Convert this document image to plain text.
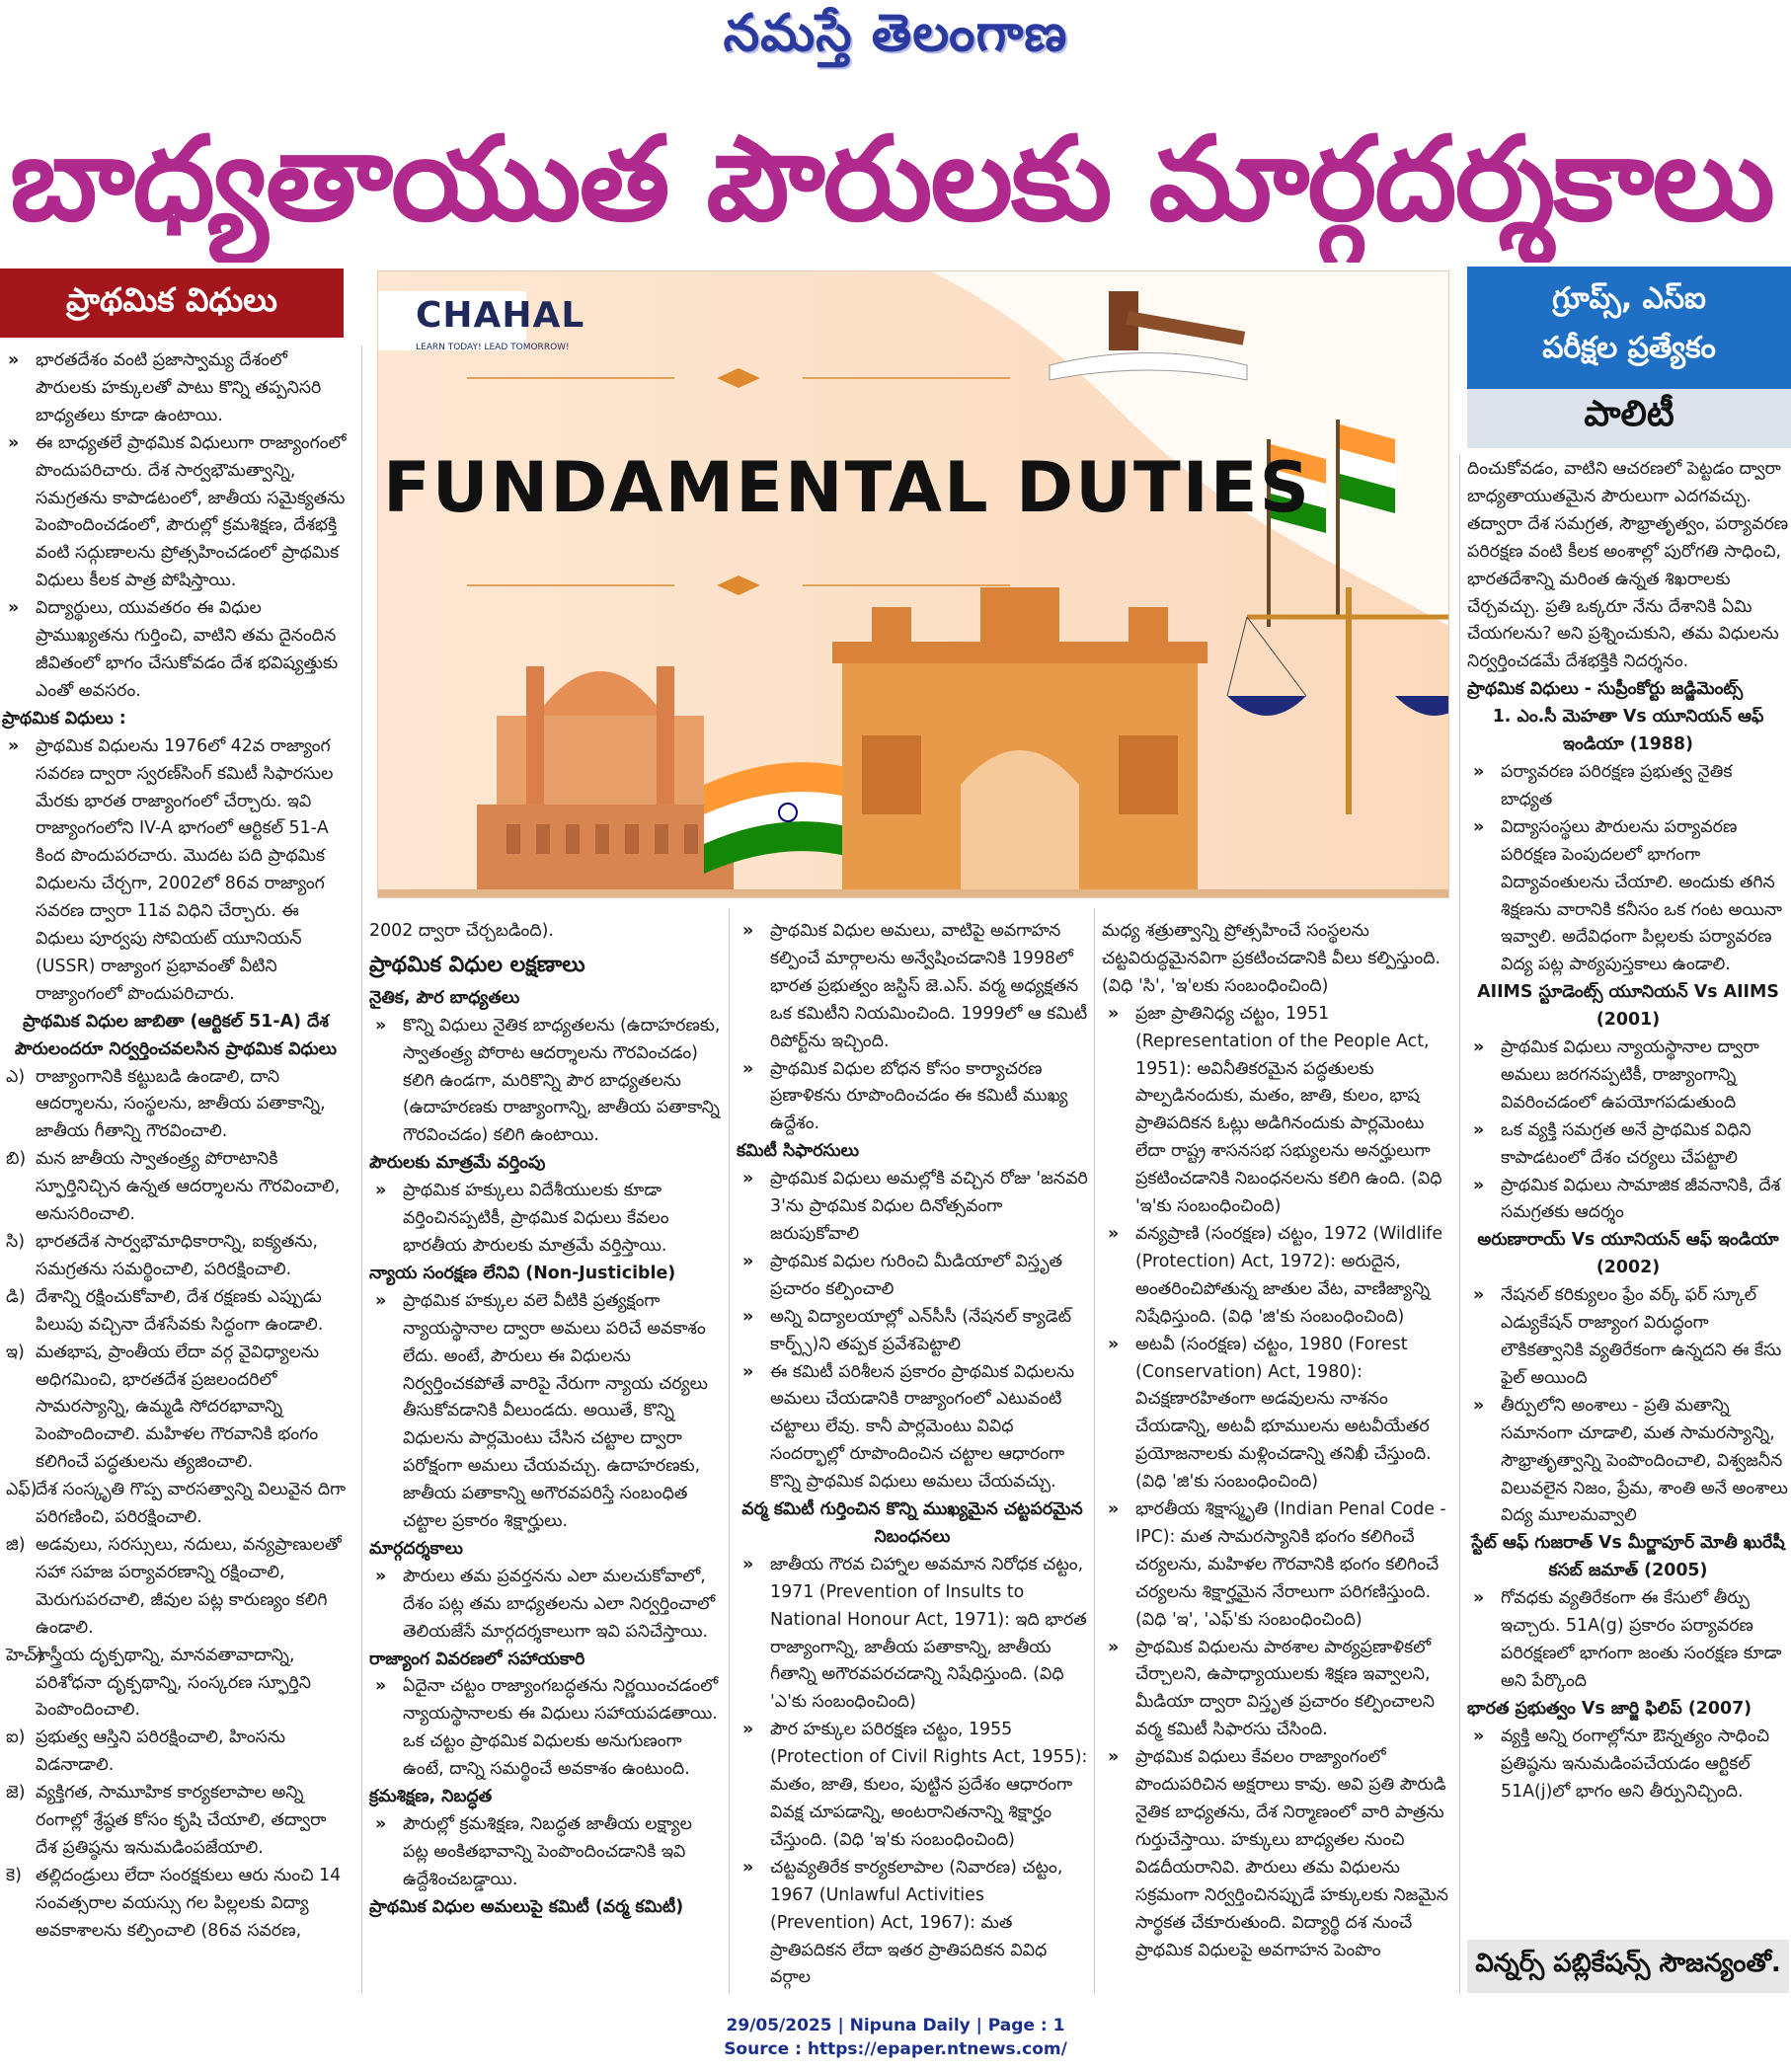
నమస్తే తెలంగాణ
బాధ్యతాయుత పౌరులకు మార్గదర్శకాలు
ప్రాథమిక విధులు	గ్రూప్స్, ఎస్ఐ
పరీక్షల ప్రత్యేకం
పాలిటీ
CHAHAL
LEARN TODAY! LEAD TOMORROW!
FUNDAMENTAL DUTIES

» భారతదేశం వంటి ప్రజాస్వామ్య దేశంలో పౌరులకు హక్కులతో పాటు కొన్ని తప్పనిసరి బాధ్యతలు కూడా ఉంటాయి.

» ఈ బాధ్యతలే ప్రాథమిక విధులుగా రాజ్యాంగంలో పొందుపరిచారు. దేశ సార్వభౌమత్వాన్ని, సమగ్రతను కాపాడటంలో, జాతీయ సమైక్యతను పెంపొందించడంలో, పౌరుల్లో క్రమశిక్షణ, దేశభక్తి వంటి సద్గుణాలను ప్రోత్సహించడంలో ప్రాథమిక విధులు కీలక పాత్ర పోషిస్తాయి.

» విద్యార్థులు, యువతరం ఈ విధుల ప్రాముఖ్యతను గుర్తించి, వాటిని తమ దైనందిన జీవితంలో భాగం చేసుకోవడం దేశ భవిష్యత్తుకు ఎంతో అవసరం.

ప్రాథమిక విధులు :

» ప్రాథమిక విధులను 1976లో 42వ రాజ్యాంగ సవరణ ద్వారా స్వరణ్‌సింగ్ కమిటీ సిఫారసుల మేరకు భారత రాజ్యాంగంలో చేర్చారు. ఇవి రాజ్యాంగంలోని IV-A భాగంలో ఆర్టికల్ 51-A కింద పొందుపరచారు. మొదట పది ప్రాథమిక విధులను చేర్చగా, 2002లో 86వ రాజ్యాంగ సవరణ ద్వారా 11వ విధిని చేర్చారు. ఈ విధులు పూర్వపు సోవియట్ యూనియన్ (USSR) రాజ్యాంగ ప్రభావంతో వీటిని రాజ్యాంగంలో పొందుపరిచారు.

ప్రాథమిక విధుల జాబితా (ఆర్టికల్ 51-A) దేశ పౌరులందరూ నిర్వర్తించవలసిన ప్రాథమిక విధులు

ఎ) రాజ్యాంగానికి కట్టుబడి ఉండాలి, దాని ఆదర్శాలను, సంస్థలను, జాతీయ పతాకాన్ని, జాతీయ గీతాన్ని గౌరవించాలి.

బి) మన జాతీయ స్వాతంత్ర్య పోరాటానికి స్ఫూర్తినిచ్చిన ఉన్నత ఆదర్శాలను గౌరవించాలి, అనుసరించాలి.

సి) భారతదేశ సార్వభౌమాధికారాన్ని, ఐక్యతను, సమగ్రతను సమర్థించాలి, పరిరక్షించాలి.

డి) దేశాన్ని రక్షించుకోవాలి, దేశ రక్షణకు ఎప్పుడు పిలుపు వచ్చినా దేశసేవకు సిద్ధంగా ఉండాలి.

ఇ) మతభాష, ప్రాంతీయ లేదా వర్గ వైవిధ్యాలను అధిగమించి, భారతదేశ ప్రజలందరిలో సామరస్యాన్ని, ఉమ్మడి సోదరభావాన్ని పెంపొందించాలి. మహిళల గౌరవానికి భంగం కలిగించే పద్ధతులను త్యజించాలి.

ఎఫ్)
దేశ సంస్కృతి గొప్ప వారసత్వాన్ని విలువైన దిగా పరిగణించి, పరిరక్షించాలి.

జి) అడవులు, సరస్సులు, నదులు, వన్యప్రాణులతో సహా సహజ పర్యావరణాన్ని రక్షించాలి, మెరుగుపరచాలి, జీవుల పట్ల కారుణ్యం కలిగి ఉండాలి.

హెచ్)
శాస్త్రీయ దృక్పథాన్ని, మానవతావాదాన్ని, పరిశోధనా దృక్పథాన్ని, సంస్కరణ స్ఫూర్తిని పెంపొందించాలి.

ఐ) ప్రభుత్వ ఆస్తిని పరిరక్షించాలి, హింసను విడనాడాలి.

జె) వ్యక్తిగత, సామూహిక కార్యకలాపాల అన్ని రంగాల్లో శ్రేష్ఠత కోసం కృషి చేయాలి, తద్వారా దేశ ప్రతిష్ఠను ఇనుమడింపజేయాలి.

కె) తల్లిదండ్రులు లేదా సంరక్షకులు ఆరు నుంచి 14 సంవత్సరాల వయస్సు గల పిల్లలకు విద్యా అవకాశాలను కల్పించాలి (86వ సవరణ,

2002 ద్వారా చేర్చబడింది).

ప్రాథమిక విధుల లక్షణాలు

నైతిక, పౌర బాధ్యతలు

» కొన్ని విధులు నైతిక బాధ్యతలను (ఉదాహరణకు, స్వాతంత్ర్య పోరాట ఆదర్శాలను గౌరవించడం) కలిగి ఉండగా, మరికొన్ని పౌర బాధ్యతలను (ఉదాహరణకు రాజ్యాంగాన్ని, జాతీయ పతాకాన్ని గౌరవించడం) కలిగి ఉంటాయి.

పౌరులకు మాత్రమే వర్తింపు

» ప్రాథమిక హక్కులు విదేశీయులకు కూడా వర్తించినప్పటికీ, ప్రాథమిక విధులు కేవలం భారతీయ పౌరులకు మాత్రమే వర్తిస్తాయి.

న్యాయ సంరక్షణ లేనివి (Non-Justicible)

» ప్రాథమిక హక్కుల వలె వీటికి ప్రత్యక్షంగా న్యాయస్థానాల ద్వారా అమలు పరిచే అవకాశం లేదు. అంటే, పౌరులు ఈ విధులను నిర్వర్తించకపోతే వారిపై నేరుగా న్యాయ చర్యలు తీసుకోవడానికి వీలుండదు. అయితే, కొన్ని విధులను పార్లమెంటు చేసిన చట్టాల ద్వారా పరోక్షంగా అమలు చేయవచ్చు. ఉదాహరణకు, జాతీయ పతాకాన్ని అగౌరవపరిస్తే సంబంధిత చట్టాల ప్రకారం శిక్షార్హులు.

మార్గదర్శకాలు

» పౌరులు తమ ప్రవర్తనను ఎలా మలచుకోవాలో, దేశం పట్ల తమ బాధ్యతలను ఎలా నిర్వర్తించాలో తెలియజేసే మార్గదర్శకాలుగా ఇవి పనిచేస్తాయి.

రాజ్యాంగ వివరణలో సహాయకారి

» ఏదైనా చట్టం రాజ్యాంగబద్ధతను నిర్ణయించడంలో న్యాయస్థానాలకు ఈ విధులు సహాయపడతాయి. ఒక చట్టం ప్రాథమిక విధులకు అనుగుణంగా ఉంటే, దాన్ని సమర్థించే అవకాశం ఉంటుంది.

క్రమశిక్షణ, నిబద్ధత

» పౌరుల్లో క్రమశిక్షణ, నిబద్ధత జాతీయ లక్ష్యాల పట్ల అంకితభావాన్ని పెంపొందించడానికి ఇవి ఉద్దేశించబడ్డాయి.

ప్రాథమిక విధుల అమలుపై కమిటీ (వర్మ కమిటీ)

» ప్రాథమిక విధుల అమలు, వాటిపై అవగాహన కల్పించే మార్గాలను అన్వేషించడానికి 1998లో భారత ప్రభుత్వం జస్టిస్ జె.ఎస్. వర్మ అధ్యక్షతన ఒక కమిటీని నియమించింది. 1999లో ఆ కమిటీ రిపోర్ట్‌ను ఇచ్చింది.

» ప్రాథమిక విధుల బోధన కోసం కార్యాచరణ ప్రణాళికను రూపొందించడం ఈ కమిటీ ముఖ్య ఉద్దేశం.

కమిటీ సిఫారసులు

» ప్రాథమిక విధులు అమల్లోకి వచ్చిన రోజు 'జనవరి 3'ను ప్రాథమిక విధుల దినోత్సవంగా జరుపుకోవాలి

» ప్రాథమిక విధుల గురించి మీడియాలో విస్తృత ప్రచారం కల్పించాలి

» అన్ని విద్యాలయాల్లో ఎన్‌సీసీ (నేషనల్ క్యాడెట్ కార్ప్స్)ని తప్పక ప్రవేశపెట్టాలి

» ఈ కమిటీ పరిశీలన ప్రకారం ప్రాథమిక విధులను అమలు చేయడానికి రాజ్యాంగంలో ఎటువంటి చట్టాలు లేవు. కానీ పార్లమెంటు వివిధ సందర్భాల్లో రూపొందించిన చట్టాల ఆధారంగా కొన్ని ప్రాథమిక విధులు అమలు చేయవచ్చు.

వర్మ కమిటీ గుర్తించిన కొన్ని ముఖ్యమైన చట్టపరమైన నిబంధనలు

» జాతీయ గౌరవ చిహ్నాల అవమాన నిరోధక చట్టం, 1971 (Prevention of Insults to National Honour Act, 1971): ఇది భారత రాజ్యాంగాన్ని, జాతీయ పతాకాన్ని, జాతీయ గీతాన్ని అగౌరవపరచడాన్ని నిషేధిస్తుంది. (విధి 'ఎ'కు సంబంధించింది)

» పౌర హక్కుల పరిరక్షణ చట్టం, 1955 (Protection of Civil Rights Act, 1955): మతం, జాతి, కులం, పుట్టిన ప్రదేశం ఆధారంగా వివక్ష చూపడాన్ని, అంటరానితనాన్ని శిక్షార్హం చేస్తుంది. (విధి 'ఇ'కు సంబంధించింది)

» చట్టవ్యతిరేక కార్యకలాపాల (నివారణ) చట్టం, 1967 (Unlawful Activities (Prevention) Act, 1967): మత ప్రాతిపదికన లేదా ఇతర ప్రాతిపదికన వివిధ వర్గాల

మధ్య శత్రుత్వాన్ని ప్రోత్సహించే సంస్థలను చట్టవిరుద్ధమైనవిగా ప్రకటించడానికి వీలు కల్పిస్తుంది. (విధి 'సి', 'ఇ'లకు సంబంధించింది)

» ప్రజా ప్రాతినిధ్య చట్టం, 1951 (Representation of the People Act, 1951): అవినీతికరమైన పద్ధతులకు పాల్పడినందుకు, మతం, జాతి, కులం, భాష ప్రాతిపదికన ఓట్లు అడిగినందుకు పార్లమెంటు లేదా రాష్ట్ర శాసనసభ సభ్యులను అనర్హులుగా ప్రకటించడానికి నిబంధనలను కలిగి ఉంది. (విధి 'ఇ'కు సంబంధించింది)

» వన్యప్రాణి (సంరక్షణ) చట్టం, 1972 (Wildlife (Protection) Act, 1972): అరుదైన, అంతరించిపోతున్న జాతుల వేట, వాణిజ్యాన్ని నిషేధిస్తుంది. (విధి 'జి'కు సంబంధించింది)

» అటవీ (సంరక్షణ) చట్టం, 1980 (Forest (Conservation) Act, 1980): విచక్షణారహితంగా అడవులను నాశనం చేయడాన్ని, అటవీ భూములను అటవీయేతర ప్రయోజనాలకు మళ్లించడాన్ని తనిఖీ చేస్తుంది. (విధి 'జి'కు సంబంధించింది)

» భారతీయ శిక్షాస్మృతి (Indian Penal Code - IPC): మత సామరస్యానికి భంగం కలిగించే చర్యలను, మహిళల గౌరవానికి భంగం కలిగించే చర్యలను శిక్షార్హమైన నేరాలుగా పరిగణిస్తుంది. (విధి 'ఇ', 'ఎఫ్'కు సంబంధించింది)

» ప్రాథమిక విధులను పాఠశాల పాఠ్యప్రణాళికలో చేర్చాలని, ఉపాధ్యాయులకు శిక్షణ ఇవ్వాలని, మీడియా ద్వారా విస్తృత ప్రచారం కల్పించాలని వర్మ కమిటీ సిఫారసు చేసింది.

» ప్రాథమిక విధులు కేవలం రాజ్యాంగంలో పొందుపరిచిన అక్షరాలు కావు. అవి ప్రతి పౌరుడి నైతిక బాధ్యతను, దేశ నిర్మాణంలో వారి పాత్రను గుర్తుచేస్తాయి. హక్కులు బాధ్యతల నుంచి విడదీయరానివి. పౌరులు తమ విధులను సక్రమంగా నిర్వర్తించినప్పుడే హక్కులకు నిజమైన సార్థకత చేకూరుతుంది. విద్యార్థి దశ నుంచే ప్రాథమిక విధులపై అవగాహన పెంపొం

దించుకోవడం, వాటిని ఆచరణలో పెట్టడం ద్వారా బాధ్యతాయుతమైన పౌరులుగా ఎదగవచ్చు. తద్వారా దేశ సమగ్రత, సౌభ్రాతృత్వం, పర్యావరణ పరిరక్షణ వంటి కీలక అంశాల్లో పురోగతి సాధించి, భారతదేశాన్ని మరింత ఉన్నత శిఖరాలకు చేర్చవచ్చు. ప్రతి ఒక్కరూ నేను దేశానికి ఏమి చేయగలను? అని ప్రశ్నించుకుని, తమ విధులను నిర్వర్తించడమే దేశభక్తికి నిదర్శనం.

ప్రాథమిక విధులు - సుప్రీంకోర్టు జడ్జిమెంట్స్

1. ఎం.సీ మెహతా Vs యూనియన్ ఆఫ్ ఇండియా (1988)

» పర్యావరణ పరిరక్షణ ప్రభుత్వ నైతిక బాధ్యత

» విద్యాసంస్థలు పౌరులను పర్యావరణ పరిరక్షణ పెంపుదలలో భాగంగా విద్యావంతులను చేయాలి. అందుకు తగిన శిక్షణను వారానికి కనీసం ఒక గంట అయినా ఇవ్వాలి. అదేవిధంగా పిల్లలకు పర్యావరణ విద్య పట్ల పాఠ్యపుస్తకాలు ఉండాలి.

AIIMS స్టూడెంట్స్ యూనియన్ Vs AIIMS (2001)

» ప్రాథమిక విధులు న్యాయస్థానాల ద్వారా అమలు జరగనప్పటికీ, రాజ్యాంగాన్ని వివరించడంలో ఉపయోగపడుతుంది

» ఒక వ్యక్తి సమగ్రత అనే ప్రాథమిక విధిని కాపాడటంలో దేశం చర్యలు చేపట్టాలి

» ప్రాథమిక విధులు సామాజిక జీవనానికి, దేశ సమగ్రతకు ఆదర్శం

అరుణారాయ్ Vs యూనియన్ ఆఫ్ ఇండియా (2002)

» నేషనల్ కరిక్యులం ఫ్రేం వర్క్ ఫర్ స్కూల్ ఎడ్యుకేషన్ రాజ్యాంగ విరుద్ధంగా లౌకికత్వానికి వ్యతిరేకంగా ఉన్నదని ఈ కేసు ఫైల్ అయింది

» తీర్పులోని అంశాలు - ప్రతి మతాన్ని సమానంగా చూడాలి, మత సామరస్యాన్ని, సౌభ్రాతృత్వాన్ని పెంపొందించాలి, విశ్వజనీన విలువలైన నిజం, ప్రేమ, శాంతి అనే అంశాలు విద్య మూలమవ్వాలి

స్టేట్ ఆఫ్ గుజరాత్ Vs మీర్జాపూర్ మోతీ ఖురేషీ కసబ్ జమాత్ (2005)

» గోవధకు వ్యతిరేకంగా ఈ కేసులో తీర్పు ఇచ్చారు. 51A(g) ప్రకారం పర్యావరణ పరిరక్షణలో భాగంగా జంతు సంరక్షణ కూడా అని పేర్కొంది

భారత ప్రభుత్వం Vs జార్జి ఫిలిప్ (2007)

» వ్యక్తి అన్ని రంగాల్లోనూ ఔన్నత్యం సాధించి ప్రతిష్ఠను ఇనుమడింపచేయడం ఆర్టికల్ 51A(j)లో భాగం అని తీర్పునిచ్చింది.

విన్నర్స్ పబ్లికేషన్స్ సౌజన్యంతో.
29/05/2025 | Nipuna Daily | Page : 1
Source : https://epaper.ntnews.com/
